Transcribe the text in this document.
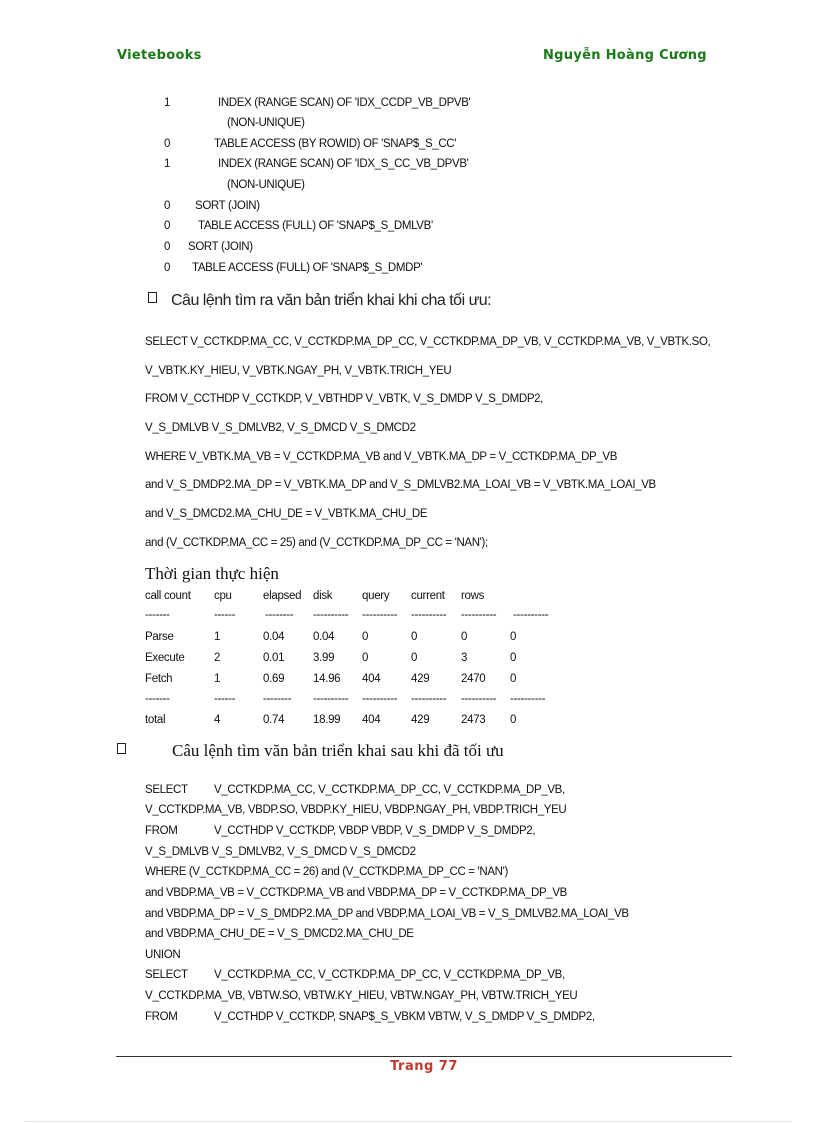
Vietebooks	Nguyễn Hoàng Cương
1	INDEX (RANGE SCAN) OF 'IDX_CCDP_VB_DPVB'
(NON-UNIQUE)
0	TABLE ACCESS (BY ROWID) OF 'SNAP$_S_CC'
1	INDEX (RANGE SCAN) OF 'IDX_S_CC_VB_DPVB'
(NON-UNIQUE)
0 SORT (JOIN)
0 TABLE ACCESS (FULL) OF 'SNAP$_S_DMLVB'
0 SORT (JOIN)
0 TABLE ACCESS (FULL) OF 'SNAP$_S_DMDP'
Câu lệnh tìm ra văn bản triển khai khi cha tối ưu:
SELECT V_CCTKDP.MA_CC, V_CCTKDP.MA_DP_CC, V_CCTKDP.MA_DP_VB, V_CCTKDP.MA_VB, V_VBTK.SO,
V_VBTK.KY_HIEU, V_VBTK.NGAY_PH, V_VBTK.TRICH_YEU
FROM V_CCTHDP V_CCTKDP, V_VBTHDP V_VBTK, V_S_DMDP V_S_DMDP2,
V_S_DMLVB V_S_DMLVB2, V_S_DMCD V_S_DMCD2
WHERE V_VBTK.MA_VB = V_CCTKDP.MA_VB and V_VBTK.MA_DP = V_CCTKDP.MA_DP_VB
and V_S_DMDP2.MA_DP = V_VBTK.MA_DP and V_S_DMLVB2.MA_LOAI_VB = V_VBTK.MA_LOAI_VB
and V_S_DMCD2.MA_CHU_DE = V_VBTK.MA_CHU_DE
and (V_CCTKDP.MA_CC = 25) and (V_CCTKDP.MA_DP_CC = 'NAN');
Thời gian thực hiện
call count cpu	elapsed disk	query current rows
-------	------	-------- ---------- ---------- ---------- ---------- ----------
Parse	1	0.04	0.04 0	0	0	0
Execute	2	0.01	3.99 0	0	3	0
Fetch	1	0.69	14.96 404	429	2470 0
-------	------ -------- ---------- ---------- ---------- ---------- ----------
total	4	0.74	18.99 404	429	2473 0
Câu lệnh tìm văn bản triển khai sau khi đã tối ưu
SELECT V_CCTKDP.MA_CC, V_CCTKDP.MA_DP_CC, V_CCTKDP.MA_DP_VB,
V_CCTKDP.MA_VB, VBDP.SO, VBDP.KY_HIEU, VBDP.NGAY_PH, VBDP.TRICH_YEU
FROM	V_CCTHDP V_CCTKDP, VBDP VBDP, V_S_DMDP V_S_DMDP2,
V_S_DMLVB V_S_DMLVB2, V_S_DMCD V_S_DMCD2
WHERE (V_CCTKDP.MA_CC = 26) and (V_CCTKDP.MA_DP_CC = 'NAN')
and VBDP.MA_VB = V_CCTKDP.MA_VB and VBDP.MA_DP = V_CCTKDP.MA_DP_VB
and VBDP.MA_DP = V_S_DMDP2.MA_DP and VBDP.MA_LOAI_VB = V_S_DMLVB2.MA_LOAI_VB
and VBDP.MA_CHU_DE = V_S_DMCD2.MA_CHU_DE
UNION
SELECT V_CCTKDP.MA_CC, V_CCTKDP.MA_DP_CC, V_CCTKDP.MA_DP_VB,
V_CCTKDP.MA_VB, VBTW.SO, VBTW.KY_HIEU, VBTW.NGAY_PH, VBTW.TRICH_YEU
FROM	V_CCTHDP V_CCTKDP, SNAP$_S_VBKM VBTW, V_S_DMDP V_S_DMDP2,
Trang 77
